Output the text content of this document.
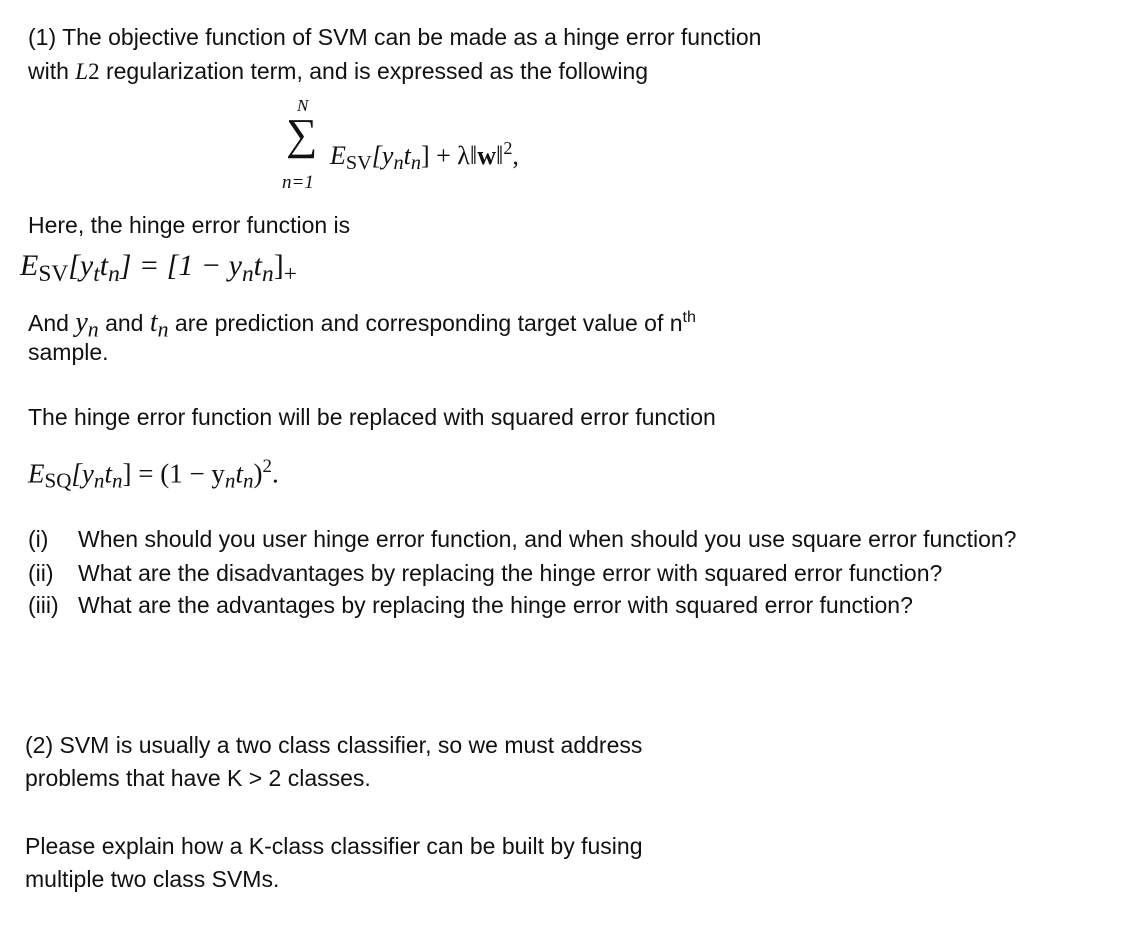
(1) The objective function of SVM can be made as a hinge error function
with L2 regularization term, and is expressed as the following
N
∑
n=1
ESV[yntn] + λ‖w‖$^2$,
Here, the hinge error function is
ESV[yttn] = [1 − yntn]+
And yn and tn are prediction and corresponding target value of $n^{th}$
sample.
The hinge error function will be replaced with squared error function
ESQ[yntn] = (1 − yntn)$^2$.
(i) When should you user hinge error function, and when should you use square error function?
(ii) What are the disadvantages by replacing the hinge error with squared error function?
(iii) What are the advantages by replacing the hinge error with squared error function?
(2) SVM is usually a two class classifier, so we must address
problems that have K > 2 classes.
Please explain how a K-class classifier can be built by fusing
multiple two class SVMs.
